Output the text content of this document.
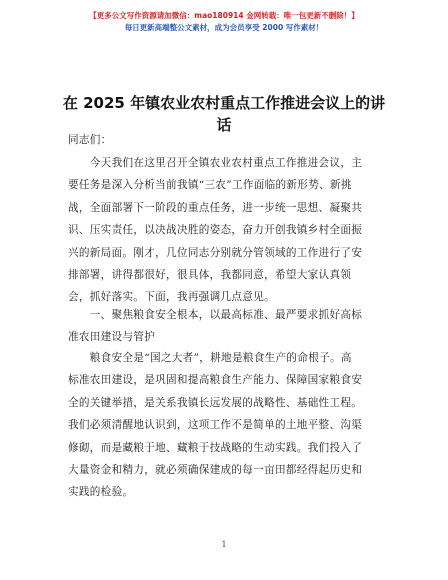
【更多公文写作资源请加微信：mao180914 金网转载：唯一包更新不删除！】
每日更新高端整公文素材，成为会员享受 2000 写作素材！
在 2025 年镇农业农村重点工作推进会议上的讲
话

同志们：

　　今天我们在这里召开全镇农业农村重点工作推进会议，主
要任务是深入分析当前我镇“三农”工作面临的新形势、新挑
战，全面部署下一阶段的重点任务，进一步统一思想、凝聚共
识、压实责任，以决战决胜的姿态，奋力开创我镇乡村全面振
兴的新局面。刚才，几位同志分别就分管领域的工作进行了安
排部署，讲得都很好，很具体，我都同意，希望大家认真领
会，抓好落实。下面，我再强调几点意见。

　　一、聚焦粮食安全根本，以最高标准、最严要求抓好高标
准农田建设与管护

　　粮食安全是“国之大者”，耕地是粮食生产的命根子。高
标准农田建设，是巩固和提高粮食生产能力、保障国家粮食安
全的关键举措，是关系我镇长远发展的战略性、基础性工程。
我们必须清醒地认识到，这项工作不是简单的土地平整、沟渠
修砌，而是藏粮于地、藏粮于技战略的生动实践。我们投入了
大量资金和精力，就必须确保建成的每一亩田都经得起历史和
实践的检验。

1
